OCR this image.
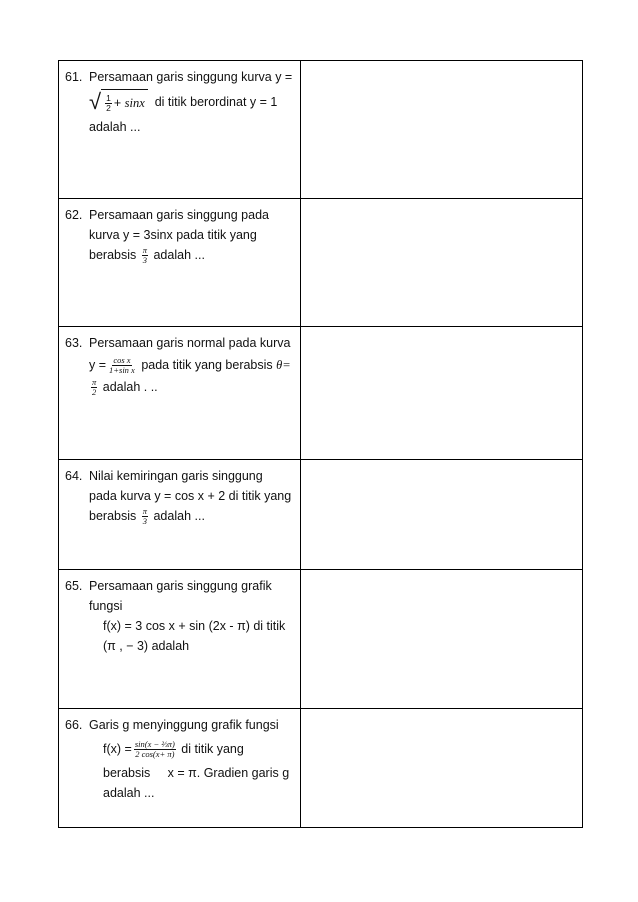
61. Persamaan garis singgung kurva y =
√ $\frac{1}{2}$ +
sinx
di titik berordinat y = 1
adalah ...
62. Persamaan garis singgung pada
kurva y = 3sinx pada titik yang
berabsis $\frac{\pi}{3}$ adalah ...
63. Persamaan garis normal pada kurva
$y = \frac{\text{cos x}}{\text{1+sin x}}$
pada titik yang berabsis
θ=
$\frac{\pi}{2}$ adalah . ..
64. Nilai kemiringan garis singgung
pada kurva y = cos x + 2 di titik yang
berabsis $\frac{\pi}{3}$ adalah ...
65. Persamaan garis singgung grafik
fungsi
f(x) = 3 cos x + sin (2x - π) di titik
(π , − 3) adalah
66. Garis g menyinggung grafik fungsi
$f(x) = \frac{\text{sin(x − ⅔π)}}{2 \cos(x+ \pi)}$
di titik yang
berabsis x = π. Gradien garis g
adalah ...
